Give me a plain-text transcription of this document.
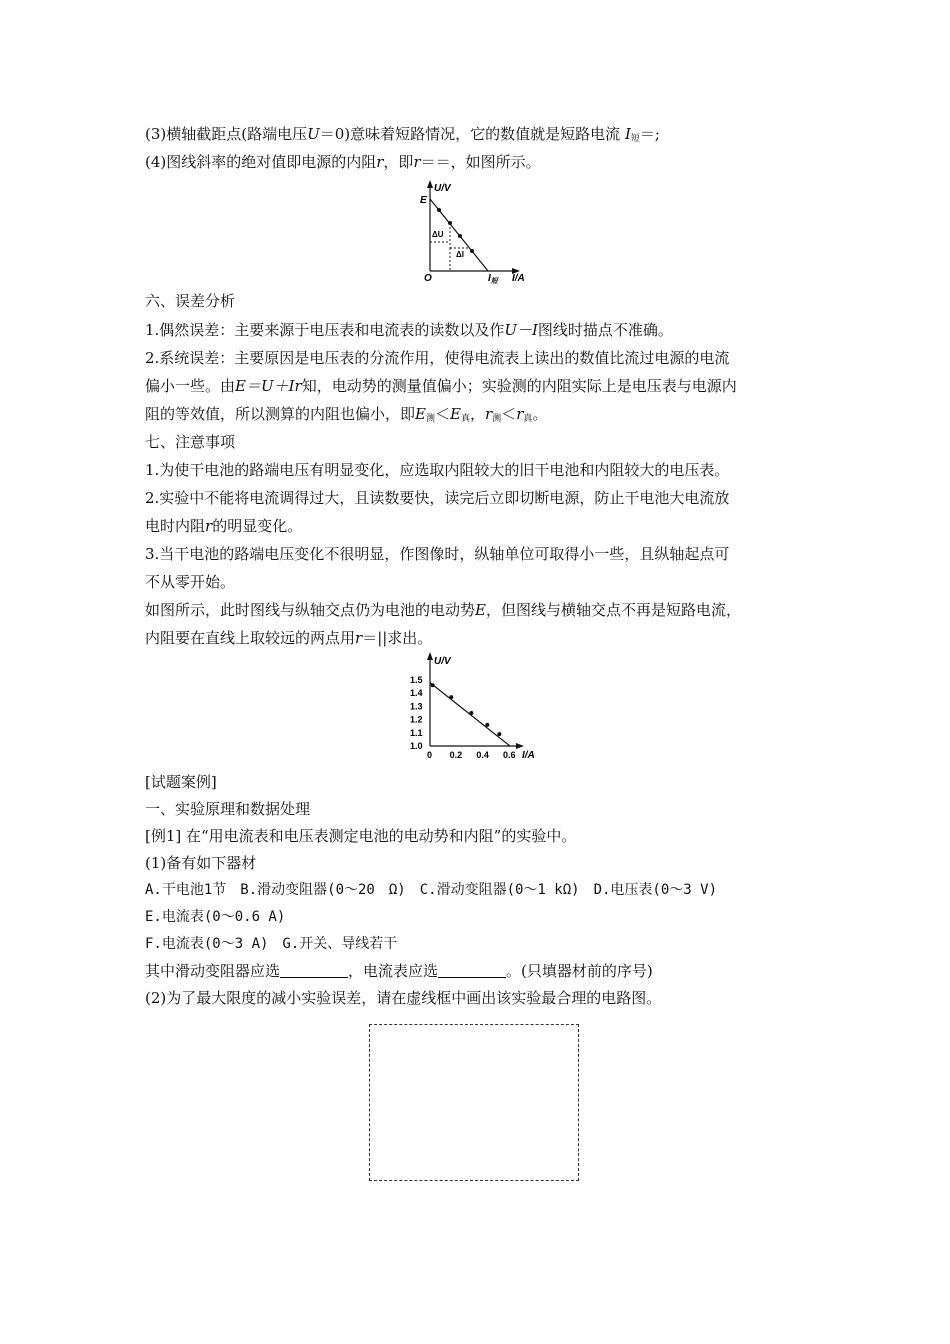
(3)横轴截距点(路端电压U＝0)意味着短路情况，它的数值就是短路电流 $I_短=$;
(4)图线斜率的绝对值即电源的内阻r，即r＝＝，如图所示。
U/V
E
ΔU
ΔI
O	$I_短$ I/A
六、误差分析
1.偶然误差：主要来源于电压表和电流表的读数以及作U－I图线时描点不准确。
2.系统误差：主要原因是电压表的分流作用，使得电流表上读出的数值比流过电源的电流
偏小一些。由E＝U＋Ir知，电动势的测量值偏小；实验测的内阻实际上是电压表与电源内
阻的等效值，所以测算的内阻也偏小，即$E_测<E_真$，$r_测<r_真$。
七、注意事项
1.为使干电池的路端电压有明显变化，应选取内阻较大的旧干电池和内阻较大的电压表。
2.实验中不能将电流调得过大，且读数要快，读完后立即切断电源，防止干电池大电流放
电时内阻r的明显变化。
3.当干电池的路端电压变化不很明显，作图像时，纵轴单位可取得小一些，且纵轴起点可
不从零开始。
如图所示，此时图线与纵轴交点仍为电池的电动势E，但图线与横轴交点不再是短路电流，
内阻要在直线上取较远的两点用r＝||求出。
U/V
I/A
1.0
1.1
1.2
1.3
1.4
1.5
0 0.2 0.4 0.6
[试题案例]
一、实验原理和数据处理
[例1] 在“用电流表和电压表测定电池的电动势和内阻”的实验中。
(1)备有如下器材
A.干电池1节　B.滑动变阻器(0～20　Ω)　C.滑动变阻器(0～1 kΩ)　D.电压表(0～3 V)
E.电流表(0～0.6 A)
F.电流表(0～3 A)　G.开关、导线若干
其中滑动变阻器应选	，电流表应选	。(只填器材前的序号)
(2)为了最大限度的减小实验误差，请在虚线框中画出该实验最合理的电路图。
